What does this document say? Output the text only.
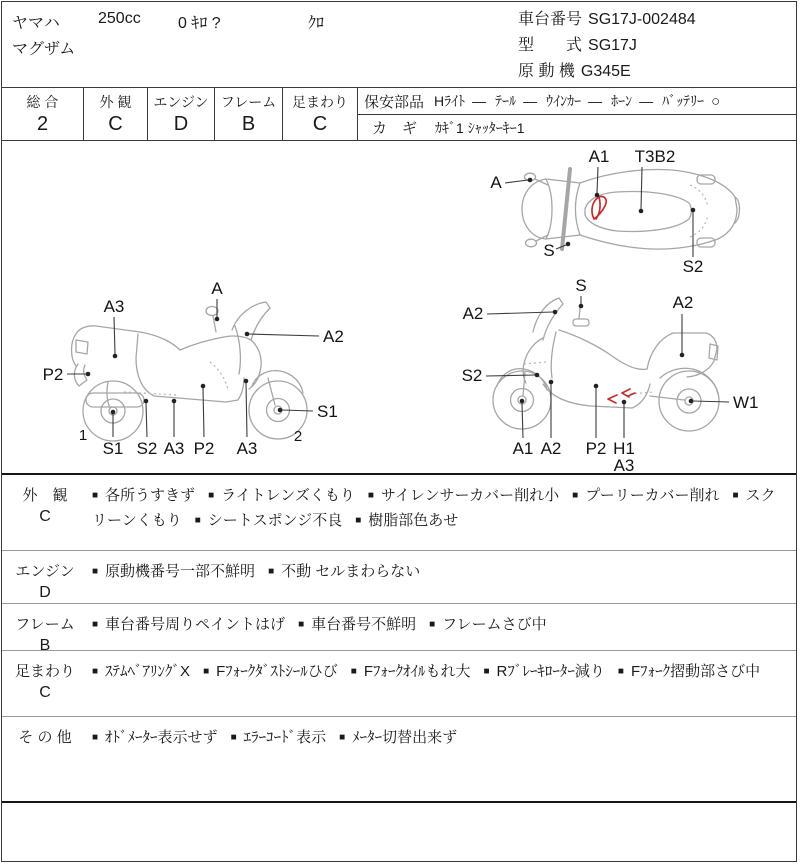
ヤマハ 250cc 0 ｷﾛ ?	ｸﾛ
マグザム
車台番号 SG17J-002484
型　　式 SG17J
原 動 機 G345E
総 合
2
外 観
C
エンジン
D
フレーム
B
足まわり
C
保安部品 Hﾗｲﾄ ― ﾃｰﾙ ― ｳｲﾝｶｰ ― ﾎｰﾝ ― ﾊﾞｯﾃﾘｰ ○
カ　ギ ｶｷﾞ1 ｼｬｯﾀｰｷｰ1
A
A1 T3B2
S
S2
A3
A
A2
P2
1
S1 S2 A3 P2 A3
S1
2
S
A2
A2
S2
W1
A1 A2 P2 H1
A3
外　観
C
■ 各所うすきず ■ ライトレンズくもり ■ サイレンサーカバー削れ小 ■ プーリーカバー削れ ■ スクリーンくもり ■ シートスポンジ不良 ■ 樹脂部色あせ
エンジン
D
■ 原動機番号一部不鮮明 ■ 不動 セルまわらない
フレーム
B
■ 車台番号周りペイントはげ ■ 車台番号不鮮明 ■ フレームさび中
足まわり
C
■ ｽﾃﾑﾍﾞｱﾘﾝｸﾞX ■ Fﾌｫｰｸﾀﾞｽﾄｼｰﾙひび ■ Fﾌｫｰｸｵｲﾙもれ大 ■ Rﾌﾞﾚｰｷﾛｰﾀｰ減り ■ Fﾌｫｰｸ摺動部さび中
そ の 他	■ ｵﾄﾞﾒｰﾀｰ表示せず ■ ｴﾗｰｺｰﾄﾞ表示 ■ ﾒｰﾀｰ切替出来ず
